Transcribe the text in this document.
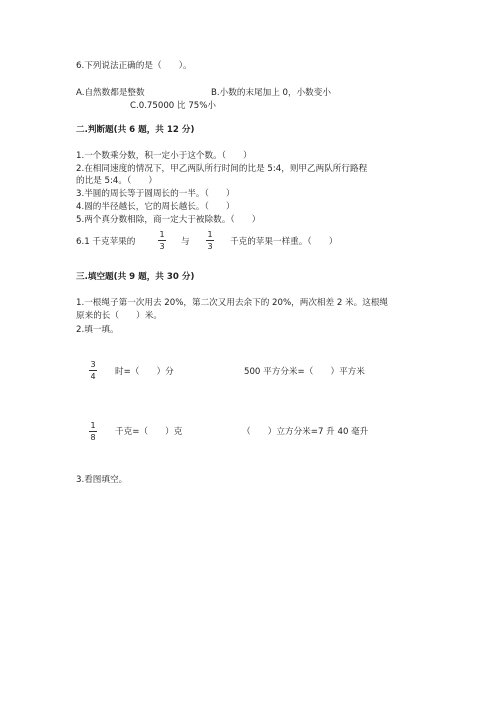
6.下列说法正确的是（　　）。
A.自然数都是整数	B.小数的末尾加上 0，小数变小
C.0.75000 比 75%小
二.判断题(共 6 题，共 12 分)
1.一个数乘分数，积一定小于这个数。（　　）
2.在相同速度的情况下，甲乙两队所行时间的比是 5:4，则甲乙两队所行路程
的比是 5:4。（　　）
3.半圆的周长等于圆周长的一半。（　　）
4.圆的半径越长，它的周长越长。（　　）
5.两个真分数相除，商一定大于被除数。（　　）
6.1 千克苹果的
1
3 与
1
3 千克的苹果一样重。（　　）
三.填空题(共 9 题，共 30 分)
1.一根绳子第一次用去 20%，第二次又用去余下的 20%，两次相差 2 米。这根绳
原来的长（　　）米。
2.填一填。
3
4 时=（　　）分	500 平方分米=（　　）平方米
1
8
千克=（　　）克	（　　）立方分米=7 升 40 毫升
3.看图填空。
